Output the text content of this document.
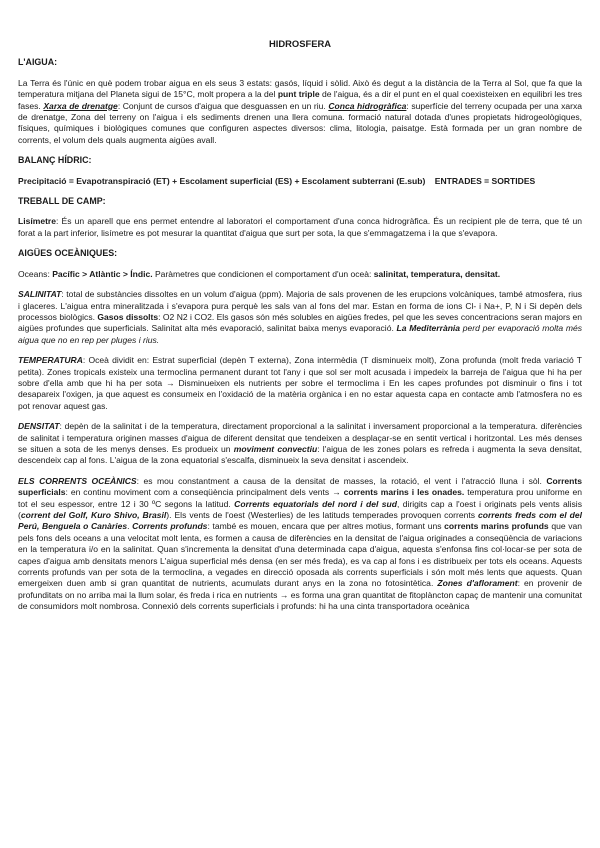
HIDROSFERA
L'AIGUA:

La Terra és l'únic en què podem trobar aigua en els seus 3 estats: gasós, líquid i sòlid. Això és degut a la distància de la Terra al Sol, que fa que la temperatura mitjana del Planeta sigui de 15°C, molt propera a la del punt triple de l'aigua, és a dir el punt en el qual coexisteixen en equilibri les tres fases. Xarxa de drenatge: Conjunt de cursos d'aigua que desguassen en un riu. Conca hidrogràfica: superfície del terreny ocupada per una xarxa de drenatge, Zona del terreny on l'aigua i els sediments drenen una llera comuna. formació natural dotada d'unes propietats hidrogeològiques, físiques, químiques i biològiques comunes que configuren aspectes diversos: clima, litologia, paisatge. Està formada per un gran nombre de corrents, el volum dels quals augmenta aigües avall.

BALANÇ HÍDRIC:

Precipitació = Evapotranspiració (ET) + Escolament superficial (ES) + Escolament subterrani (E.sub)    ENTRADES = SORTIDES

TREBALL DE CAMP:

Lisímetre: És un aparell que ens permet entendre al laboratori el comportament d'una conca hidrogràfica. És un recipient ple de terra, que té un forat a la part inferior, lisímetre es pot mesurar la quantitat d'aigua que surt per sota, la que s'emmagatzema i la que s'evapora.

AIGÜES OCEÀNIQUES:

Oceans: Pacífic > Atlàntic > Índic. Paràmetres que condicionen el comportament d'un oceà: salinitat, temperatura, densitat.

SALINITAT: total de substàncies dissoltes en un volum d'aigua (ppm). Majoria de sals provenen de les erupcions volcàniques, també atmosfera, rius i glaceres. L'aigua entra mineralitzada i s'evapora pura perquè les sals van al fons del mar. Estan en forma de ions Cl- i Na+, P, N i Si depèn dels processos biològics. Gasos dissolts: O2 N2 i CO2. Els gasos són més solubles en aigües fredes, pel que les seves concentracions seran majors en aigües profundes que superficials. Salinitat alta més evaporació, salinitat baixa menys evaporació. La Mediterrània perd per evaporació molta més aigua que no en rep per pluges i rius.

TEMPERATURA: Oceà dividit en: Estrat superficial (depèn T externa), Zona intermèdia (T disminueix molt), Zona profunda (molt freda variació T petita). Zones tropicals existeix una termoclina permanent durant tot l'any i que sol ser molt acusada i impedeix la barreja de l'aigua que hi ha per sobre d'ella amb que hi ha per sota → Disminueixen els nutrients per sobre el termoclima i En les capes profundes pot disminuir o fins i tot desapareix l'oxigen, ja que aquest es consumeix en l'oxidació de la matèria orgànica i en no estar aquesta capa en contacte amb l'atmosfera no es pot renovar aquest gas.

DENSITAT: depèn de la salinitat i de la temperatura, directament proporcional a la salinitat i inversament proporcional a la temperatura. diferències de salinitat i temperatura originen masses d'aigua de diferent densitat que tendeixen a desplaçar-se en sentit vertical i horitzontal. Les més denses se situen a sota de les menys denses. Es produeix un moviment convectiu: l'aigua de les zones polars es refreda i augmenta la seva densitat, descendeix cap al fons. L'aigua de la zona equatorial s'escalfa, disminueix la seva densitat i ascendeix.

ELS CORRENTS OCEÀNICS: es mou constantment a causa de la densitat de masses, la rotació, el vent i l'atracció lluna i sòl. Corrents superficials: en continu moviment com a conseqüència principalment dels vents → corrents marins i les onades. temperatura prou uniforme en tot el seu espessor, entre 12 i 30 ºC segons la latitud. Corrents equatorials del nord i del sud, dirigits cap a l'oest i originats pels vents alisis (corrent del Golf, Kuro Shivo, Brasil). Els vents de l'oest (Westerlies) de les latituds temperades provoquen corrents corrents freds com el del Perú, Benguela o Canàries. Corrents profunds: també es mouen, encara que per altres motius, formant uns corrents marins profunds que van pels fons dels oceans a una velocitat molt lenta, es formen a causa de diferències en la densitat de l'aigua originades a conseqüència de variacions en la temperatura i/o en la salinitat. Quan s'incrementa la densitat d'una determinada capa d'aigua, aquesta s'enfonsa fins col·locar-se per sota de capes d'aigua amb densitats menors L'aigua superficial més densa (en ser més freda), es va cap al fons i es distribueix per tots els oceans. Aquests corrents profunds van per sota de la termoclina, a vegades en direcció oposada als corrents superficials i són molt més lents que aquests. Quan emergeixen duen amb si gran quantitat de nutrients, acumulats durant anys en la zona no fotosintètica. Zones d'aflorament: en provenir de profunditats on no arriba mai la llum solar, és freda i rica en nutrients → es forma una gran quantitat de fitoplàncton capaç de mantenir una comunitat de consumidors molt nombrosa. Connexió dels corrents superficials i profunds: hi ha una cinta transportadora oceànica
